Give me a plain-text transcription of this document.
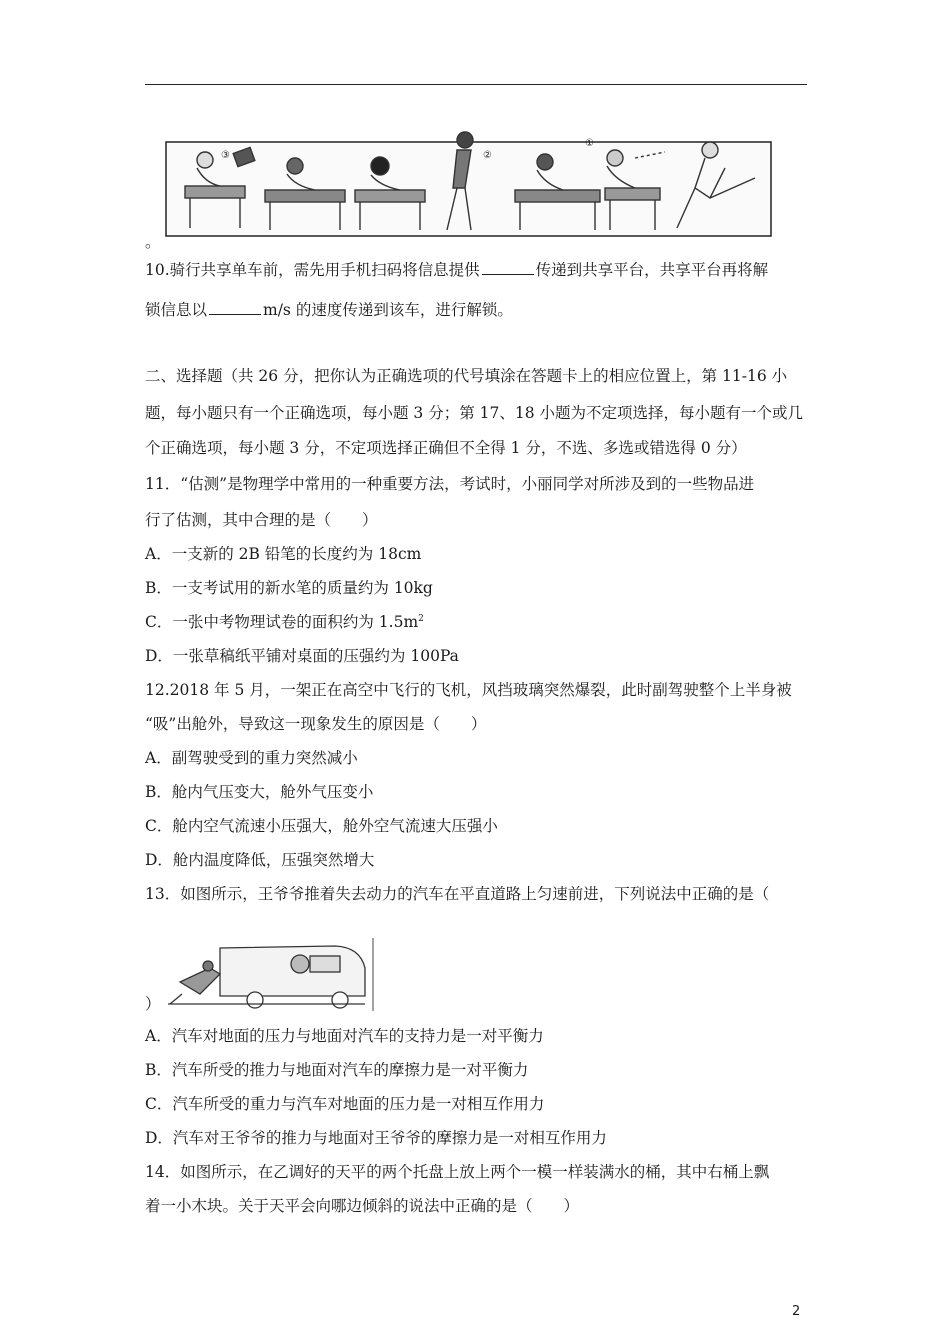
③	②
①
。
10.骑行共享单车前，需先用手机扫码将信息提供	传递到共享平台，共享平台再将解
锁信息以	m/s 的速度传递到该车，进行解锁。
二、选择题（共 26 分，把你认为正确选项的代号填涂在答题卡上的相应位置上，第 11-16 小
题，每小题只有一个正确选项，每小题 3 分；第 17、18 小题为不定项选择，每小题有一个或几
个正确选项，每小题 3 分，不定项选择正确但不全得 1 分，不选、多选或错选得 0 分）
11．“估测”是物理学中常用的一种重要方法，考试时，小丽同学对所涉及到的一些物品进
行了估测，其中合理的是（　　）
A．一支新的 2B 铅笔的长度约为 18cm
B．一支考试用的新水笔的质量约为 10kg
C．一张中考物理试卷的面积约为 $1.5m^2$
D．一张草稿纸平铺对桌面的压强约为 100Pa
12.2018 年 5 月，一架正在高空中飞行的飞机，风挡玻璃突然爆裂，此时副驾驶整个上半身被
“吸”出舱外，导致这一现象发生的原因是（　　）
A．副驾驶受到的重力突然减小
B．舱内气压变大，舱外气压变小
C．舱内空气流速小压强大，舱外空气流速大压强小
D．舱内温度降低，压强突然增大
13．如图所示，王爷爷推着失去动力的汽车在平直道路上匀速前进，下列说法中正确的是（
）
A．汽车对地面的压力与地面对汽车的支持力是一对平衡力
B．汽车所受的推力与地面对汽车的摩擦力是一对平衡力
C．汽车所受的重力与汽车对地面的压力是一对相互作用力
D．汽车对王爷爷的推力与地面对王爷爷的摩擦力是一对相互作用力
14．如图所示，在乙调好的天平的两个托盘上放上两个一模一样装满水的桶，其中右桶上飘
着一小木块。关于天平会向哪边倾斜的说法中正确的是（　　）
2
